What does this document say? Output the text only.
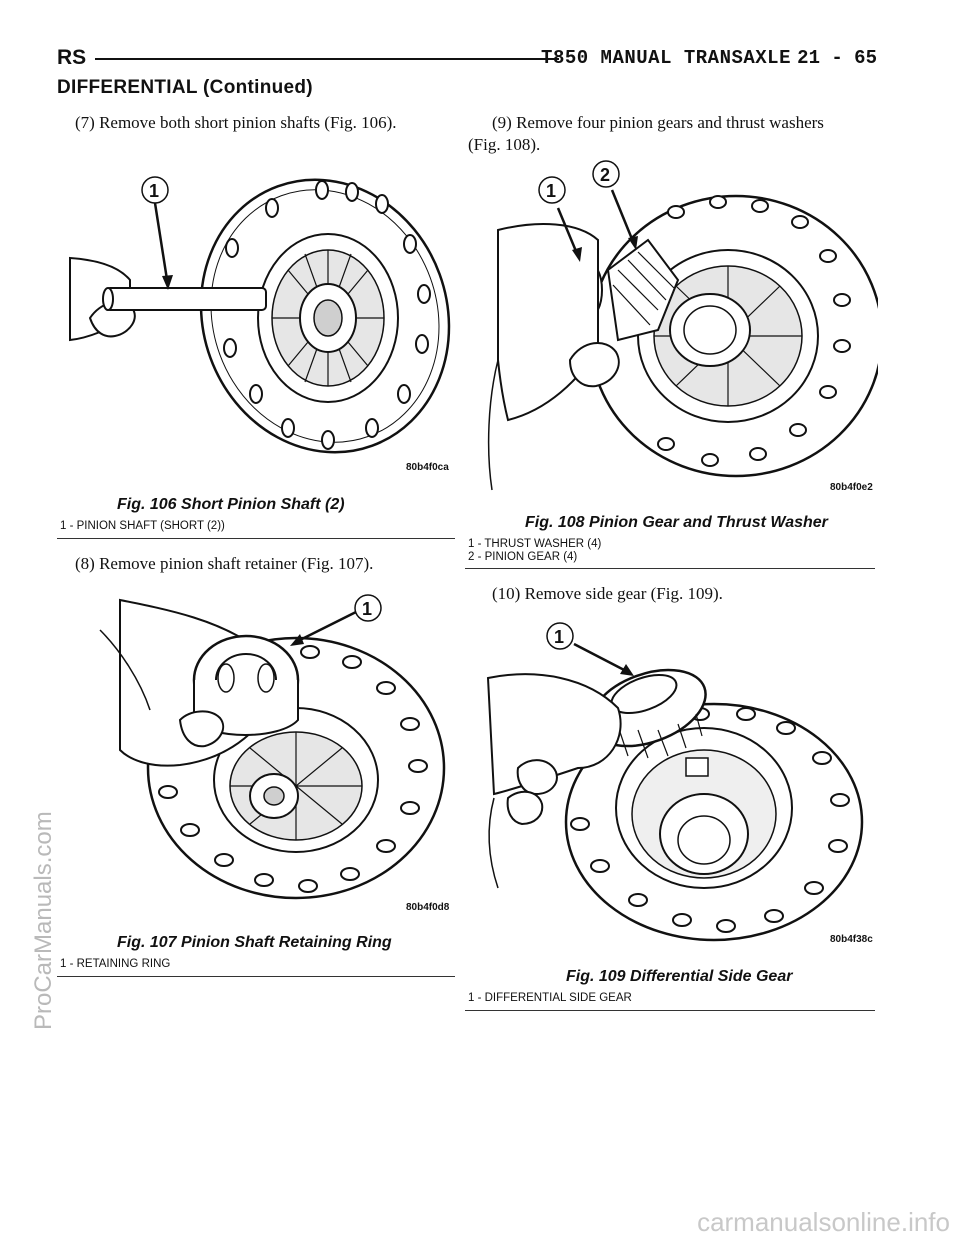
RS	T850 MANUAL TRANSAXLE 21 - 65
DIFFERENTIAL (Continued)
(7) Remove both short pinion shafts (Fig. 106).
1
80b4f0ca
Fig. 106 Short Pinion Shaft (2)
1 - PINION SHAFT (SHORT (2))
(8) Remove pinion shaft retainer (Fig. 107).
1
80b4f0d8
Fig. 107 Pinion Shaft Retaining Ring
1 - RETAINING RING
(9) Remove four pinion gears and thrust washers
(Fig. 108).
1
2
80b4f0e2
Fig. 108 Pinion Gear and Thrust Washer
1 - THRUST WASHER (4)
2 - PINION GEAR (4)
(10) Remove side gear (Fig. 109).
1
80b4f38c
Fig. 109 Differential Side Gear
1 - DIFFERENTIAL SIDE GEAR
ProCarManuals.com
carmanualsonline.info
